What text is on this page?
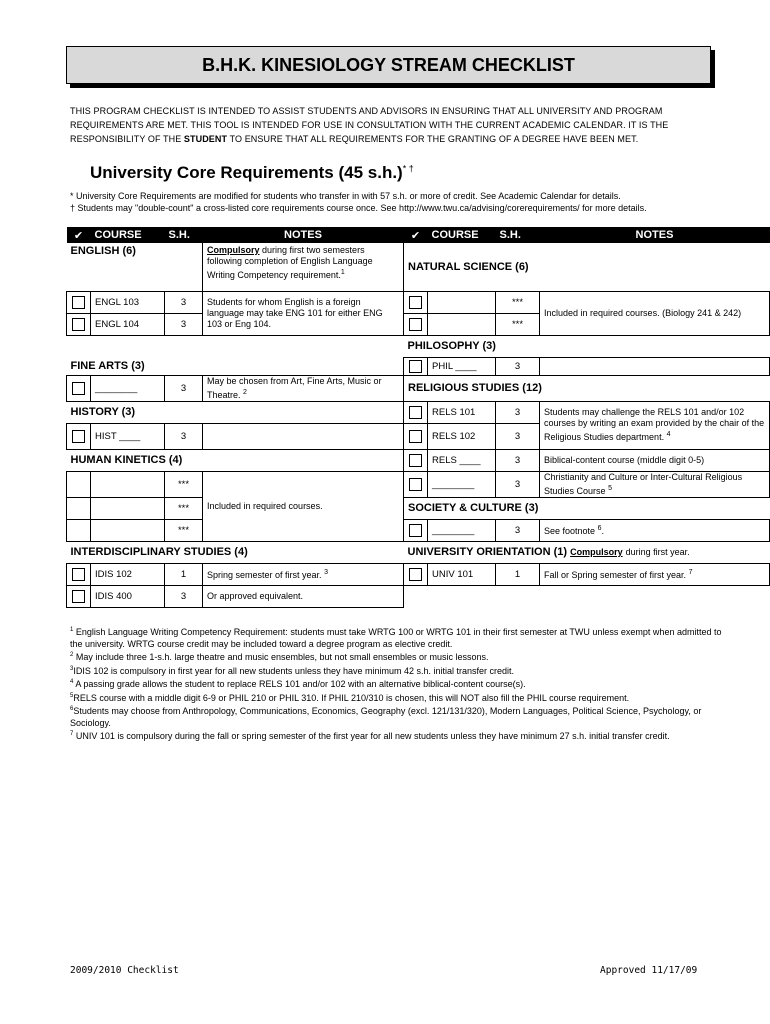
B.H.K. KINESIOLOGY STREAM CHECKLIST
THIS PROGRAM CHECKLIST IS INTENDED TO ASSIST STUDENTS AND ADVISORS IN ENSURING THAT ALL UNIVERSITY AND PROGRAM REQUIREMENTS ARE MET. THIS TOOL IS INTENDED FOR USE IN CONSULTATION WITH THE CURRENT ACADEMIC CALENDAR. IT IS THE RESPONSIBILITY OF THE STUDENT TO ENSURE THAT ALL REQUIREMENTS FOR THE GRANTING OF A DEGREE HAVE BEEN MET.
University Core Requirements (45 s.h.)* †
* University Core Requirements are modified for students who transfer in with 57 s.h. or more of credit. See Academic Calendar for details.
† Students may "double-count" a cross-listed core requirements course once. See http://www.twu.ca/advising/corerequirements/ for more details.
✔	COURSE	S.H.	NOTES	✔	COURSE	S.H.	NOTES
ENGLISH (6)			Compulsory during first two semesters following completion of English Language Writing Competency requirement.$^1$	NATURAL SCIENCE (6)			

	ENGL 103	3	Students for whom English is a foreign language may take ENG 101 for either ENG 103 or Eng 104.			***	Included in required courses. (Biology 241 & 242)
	ENGL 104	3				***	
				PHILOSOPHY (3)			
FINE ARTS (3)					PHIL ____	3	
	________	3	May be chosen from Art, Fine Arts, Music or Theatre. $^2$	RELIGIOUS STUDIES (12)			
HISTORY (3)					RELS 101	3	Students may challenge the RELS 101 and/or 102 courses by writing an exam provided by the chair of the Religious Studies department. $^4$
	HIST ____	3			RELS 102	3	
HUMAN KINETICS (4)					RELS ____	3	Biblical-content course (middle digit 0-5)
		***	Included in required courses.		________	3	Christianity and Culture or Inter-Cultural Religious Studies Course $^5$
		***		SOCIETY & CULTURE (3)			
		***			________	3	See footnote $^6$.
INTERDISCIPLINARY STUDIES (4)				UNIVERSITY ORIENTATION (1) Compulsory during first year.			
	IDIS 102	1	Spring semester of first year. $^3$		UNIV 101	1	Fall or Spring semester of first year. $^7$
	IDIS 400	3	Or approved equivalent.				
$^1$ English Language Writing Competency Requirement: students must take WRTG 100 or WRTG 101 in their first semester at TWU unless exempt when admitted to the university. WRTG course credit may be included toward a degree program as elective credit.
$^2$ May include three 1-s.h. large theatre and music ensembles, but not small ensembles or music lessons.
$^3$IDIS 102 is compulsory in first year for all new students unless they have minimum 42 s.h. initial transfer credit.
$^4$ A passing grade allows the student to replace RELS 101 and/or 102 with an alternative biblical-content course(s).
$^5$RELS course with a middle digit 6-9 or PHIL 210 or PHIL 310. If PHIL 210/310 is chosen, this will NOT also fill the PHIL course requirement.
$^6$Students may choose from Anthropology, Communications, Economics, Geography (excl. 121/131/320), Modern Languages, Political Science, Psychology, or Sociology.
$^7$ UNIV 101 is compulsory during the fall or spring semester of the first year for all new students unless they have minimum 27 s.h. initial transfer credit.
2009/2010 Checklist	Approved 11/17/09
